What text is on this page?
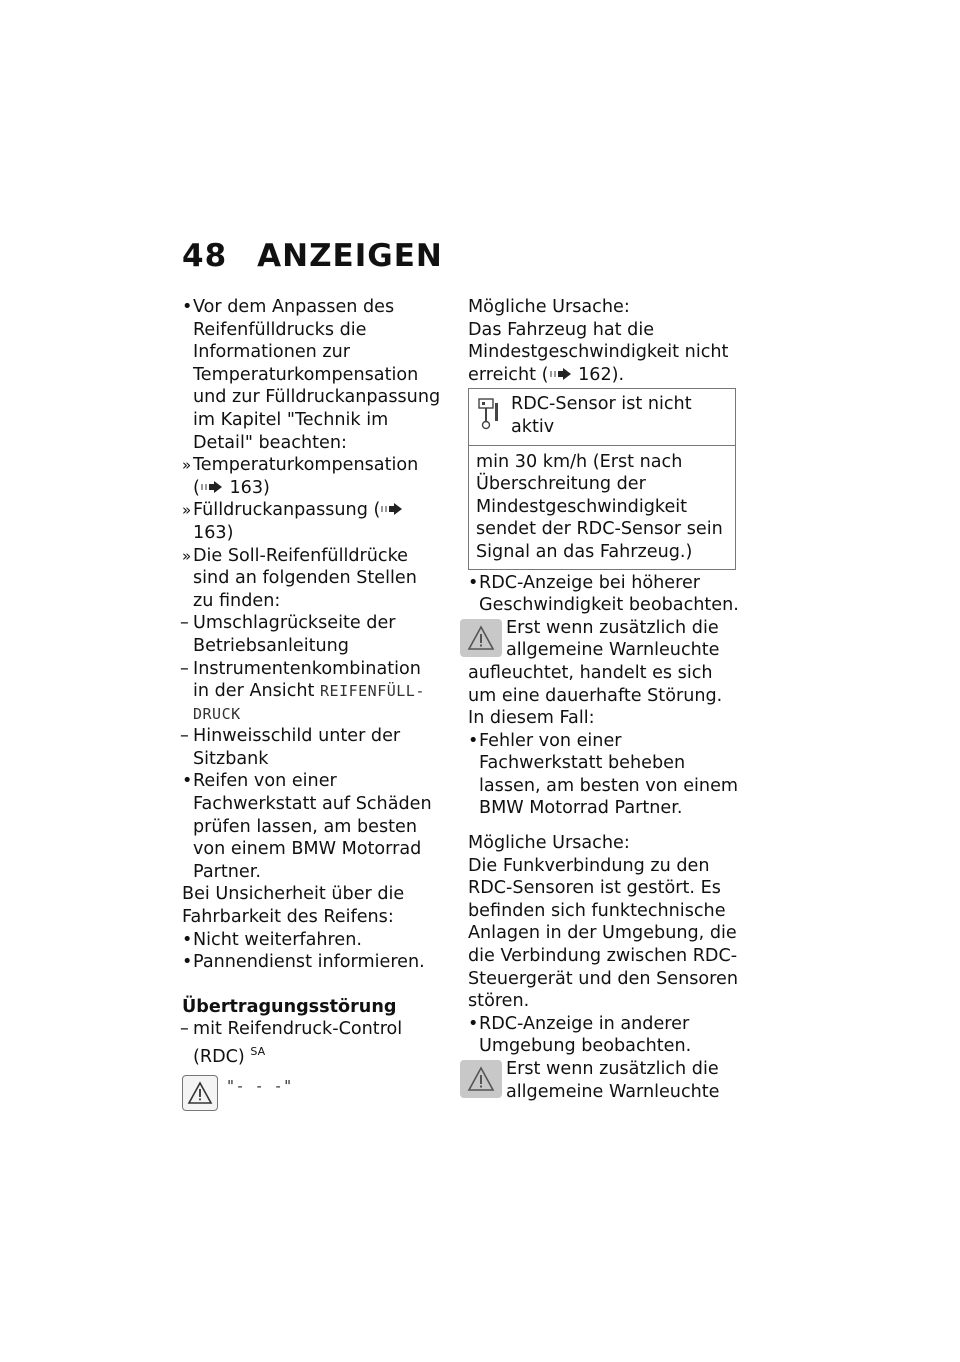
48 ANZEIGEN

• Vor dem Anpassen des Reifenfülldrucks die Informationen zur Temperaturkompensation und zur Fülldruckanpassung im Kapitel "Technik im Detail" beachten:

» Temperaturkompensation
( 163)

» Fülldruckanpassung ( 163)

» Die Soll-Reifenfülldrücke sind an folgenden Stellen zu finden:

– Umschlagrückseite der Betriebsanleitung

– Instrumentenkombination in der Ansicht REIFENFÜLL-DRUCK

– Hinweisschild unter der Sitzbank

• Reifen von einer Fachwerkstatt auf Schäden prüfen lassen, am besten von einem BMW Motorrad Partner.

Bei Unsicherheit über die Fahrbarkeit des Reifens:

• Nicht weiterfahren.

• Pannendienst informieren.

Übertragungsstörung

– mit Reifendruck-Control (RDC) $^{SA}$

"- - -"

Mögliche Ursache:

Das Fahrzeug hat die Mindestgeschwindigkeit nicht erreicht ( 162).

RDC-Sensor ist nicht aktiv
min 30 km/h (Erst nach Überschreitung der Mindestgeschwindigkeit sendet der RDC-Sensor sein Signal an das Fahrzeug.)

• RDC-Anzeige bei höherer Geschwindigkeit beobachten.

Erst wenn zusätzlich die allgemeine Warnleuchte aufleuchtet, handelt es sich um eine dauerhafte Störung.

In diesem Fall:

• Fehler von einer Fachwerkstatt beheben lassen, am besten von einem BMW Motorrad Partner.

Mögliche Ursache:

Die Funkverbindung zu den RDC-Sensoren ist gestört. Es befinden sich funktechnische Anlagen in der Umgebung, die die Verbindung zwischen RDC-Steuergerät und den Sensoren stören.

• RDC-Anzeige in anderer Umgebung beobachten.

Erst wenn zusätzlich die allgemeine Warnleuchte
